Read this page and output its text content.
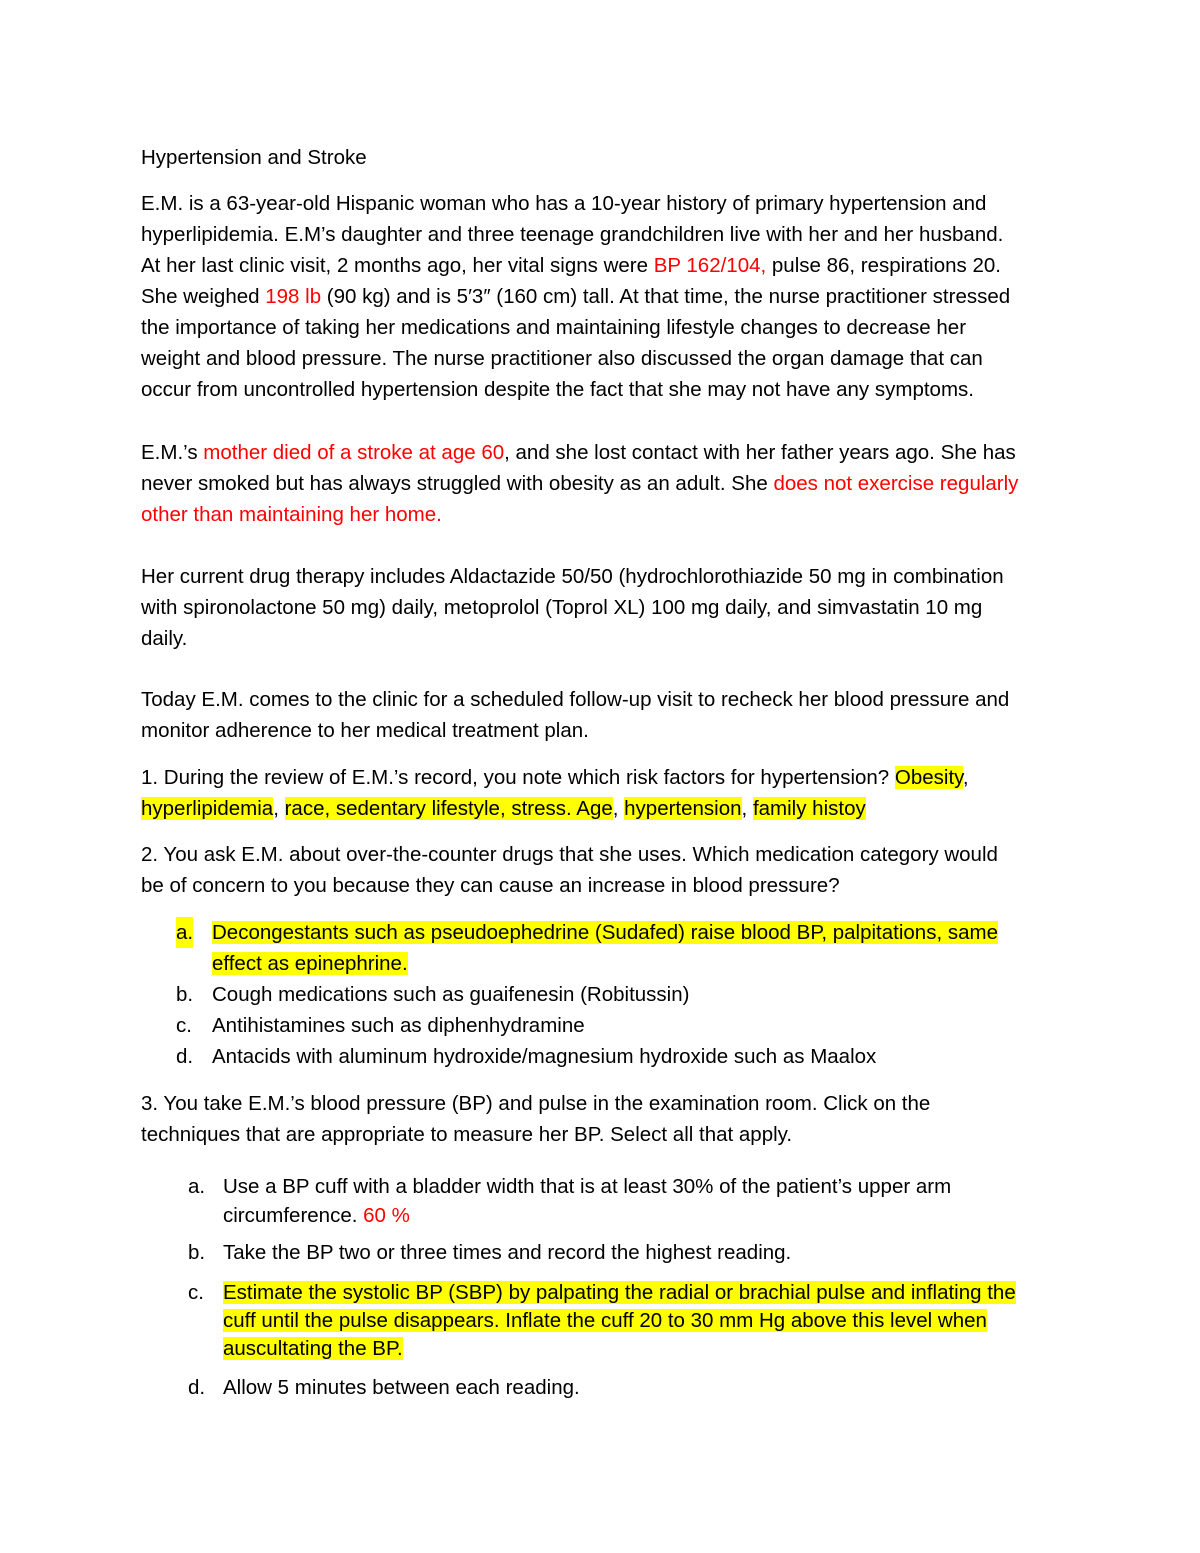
Hypertension and Stroke

E.M. is a 63-year-old Hispanic woman who has a 10-year history of primary hypertension and

hyperlipidemia. E.M’s daughter and three teenage grandchildren live with her and her husband.

At her last clinic visit, 2 months ago, her vital signs were BP 162/104, pulse 86, respirations 20.

She weighed 198 lb (90 kg) and is 5′3″ (160 cm) tall. At that time, the nurse practitioner stressed

the importance of taking her medications and maintaining lifestyle changes to decrease her

weight and blood pressure. The nurse practitioner also discussed the organ damage that can

occur from uncontrolled hypertension despite the fact that she may not have any symptoms.

E.M.’s mother died of a stroke at age 60, and she lost contact with her father years ago. She has

never smoked but has always struggled with obesity as an adult. She does not exercise regularly

other than maintaining her home.

Her current drug therapy includes Aldactazide 50/50 (hydrochlorothiazide 50 mg in combination

with spironolactone 50 mg) daily, metoprolol (Toprol XL) 100 mg daily, and simvastatin 10 mg

daily.

Today E.M. comes to the clinic for a scheduled follow-up visit to recheck her blood pressure and

monitor adherence to her medical treatment plan.

1. During the review of E.M.’s record, you note which risk factors for hypertension? Obesity,

hyperlipidemia, race, sedentary lifestyle, stress. Age, hypertension, family histoy

2. You ask E.M. about over-the-counter drugs that she uses. Which medication category would

be of concern to you because they can cause an increase in blood pressure?

a. Decongestants such as pseudoephedrine (Sudafed) raise blood BP, palpitations, same

effect as epinephrine.

b. Cough medications such as guaifenesin (Robitussin)

c. Antihistamines such as diphenhydramine

d. Antacids with aluminum hydroxide/magnesium hydroxide such as Maalox

3. You take E.M.’s blood pressure (BP) and pulse in the examination room. Click on the

techniques that are appropriate to measure her BP. Select all that apply.

a. Use a BP cuff with a bladder width that is at least 30% of the patient’s upper arm

circumference. 60 %

b. Take the BP two or three times and record the highest reading.

c. Estimate the systolic BP (SBP) by palpating the radial or brachial pulse and inflating the

cuff until the pulse disappears. Inflate the cuff 20 to 30 mm Hg above this level when

auscultating the BP.

d. Allow 5 minutes between each reading.
